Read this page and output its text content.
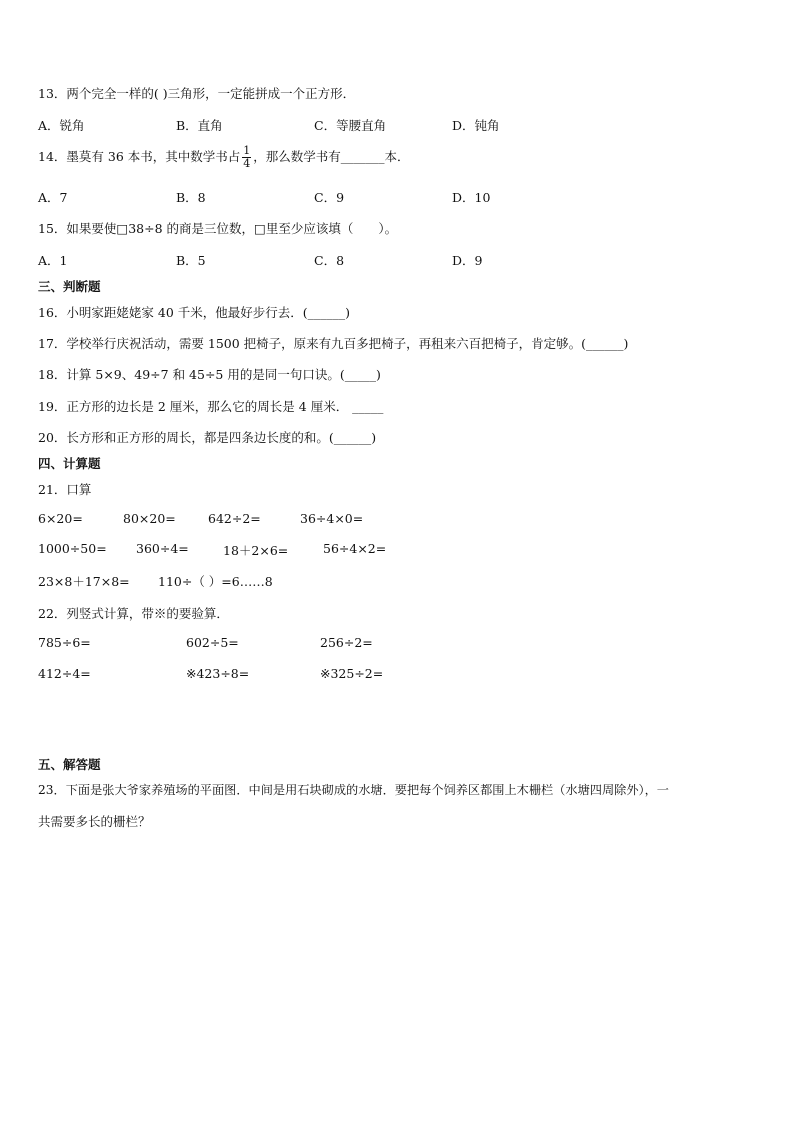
13．两个完全一样的( )三角形，一定能拼成一个正方形．
A．锐角	B．直角	C．等腰直角	D．钝角
14．墨莫有 36 本书，其中数学书占 $\frac{1}{4}$ ，那么数学书有_______本．
A．7	B．8	C．9	D．10
15．如果要使□38÷8 的商是三位数，□里至少应该填（　　）。
A．1	B．5	C．8	D．9
三、判断题
16．小明家距姥姥家 40 千米，他最好步行去．(______)
17．学校举行庆祝活动，需要 1500 把椅子，原来有九百多把椅子，再租来六百把椅子，肯定够。(______)
18．计算 5×9、49÷7 和 45÷5 用的是同一句口诀。(_____)
19．正方形的边长是 2 厘米，那么它的周长是 4 厘米． _____
20．长方形和正方形的周长，都是四条边长度的和。(______)
四、计算题
21．口算
6×20=	80×20=	642÷2=	36÷4×0=
1000÷50= 360÷4=	18＋2×6=	56÷4×2=
23×8＋17×8= 110÷（ ）=6……8
22．列竖式计算，带※的要验算．
785÷6=	602÷5=	256÷2=
412÷4=	※423÷8=	※325÷2=
五、解答题
23．下面是张大爷家养殖场的平面图．中间是用石块砌成的水塘．要把每个饲养区都围上木栅栏（水塘四周除外），一
共需要多长的栅栏？
